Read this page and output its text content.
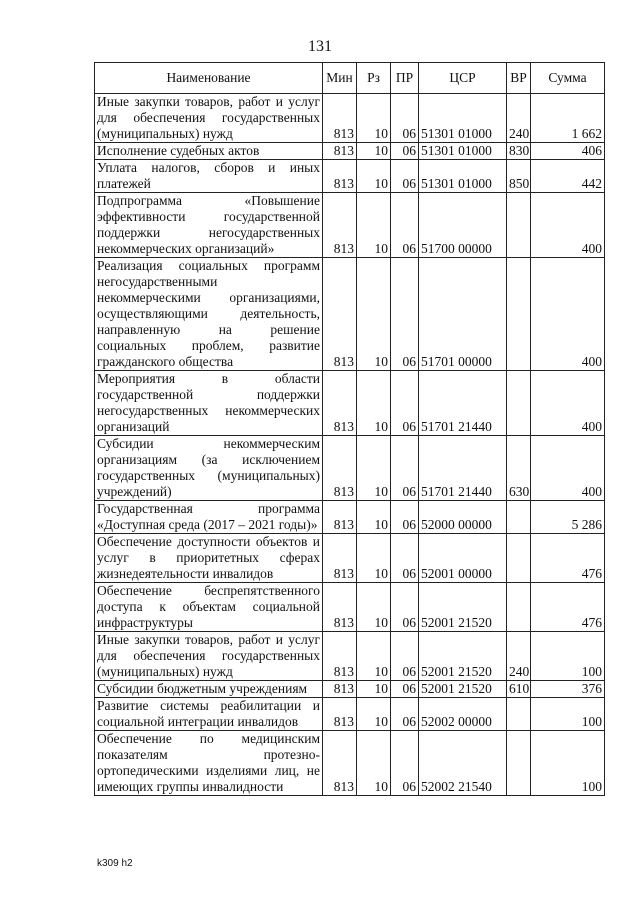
131
Наименование	Мин	Рз	ПР	ЦСР	ВР	Сумма
Иные закупки товаров, работ и услуг для обеспечения государственных (муниципальных) нужд	813	10	06	51301 01000	240	1 662
Исполнение судебных актов	813	10	06	51301 01000	830	406
Уплата налогов, сборов и иных платежей	813	10	06	51301 01000	850	442
Подпрограмма «Повышение эффективности государственной поддержки негосударственных некоммерческих организаций»	813	10	06	51700 00000		400
Реализация социальных программ негосударственными некоммерческими организациями, осуществляющими деятельность, направленную на решение социальных проблем, развитие гражданского общества	813	10	06	51701 00000		400
Мероприятия в области государственной поддержки негосударственных некоммерческих организаций	813	10	06	51701 21440		400
Субсидии некоммерческим организациям (за исключением государственных (муниципальных) учреждений)	813	10	06	51701 21440	630	400
Государственная программа «Доступная среда (2017 – 2021 годы)»	813	10	06	52000 00000		5 286
Обеспечение доступности объектов и услуг в приоритетных сферах жизнедеятельности инвалидов	813	10	06	52001 00000		476
Обеспечение беспрепятственного доступа к объектам социальной инфраструктуры	813	10	06	52001 21520		476
Иные закупки товаров, работ и услуг для обеспечения государственных (муниципальных) нужд	813	10	06	52001 21520	240	100
Субсидии бюджетным учреждениям	813	10	06	52001 21520	610	376
Развитие системы реабилитации и социальной интеграции инвалидов	813	10	06	52002 00000		100
Обеспечение по медицинским показателям протезно-ортопедическими изделиями лиц, не имеющих группы инвалидности	813	10	06	52002 21540		100
k309 h2
